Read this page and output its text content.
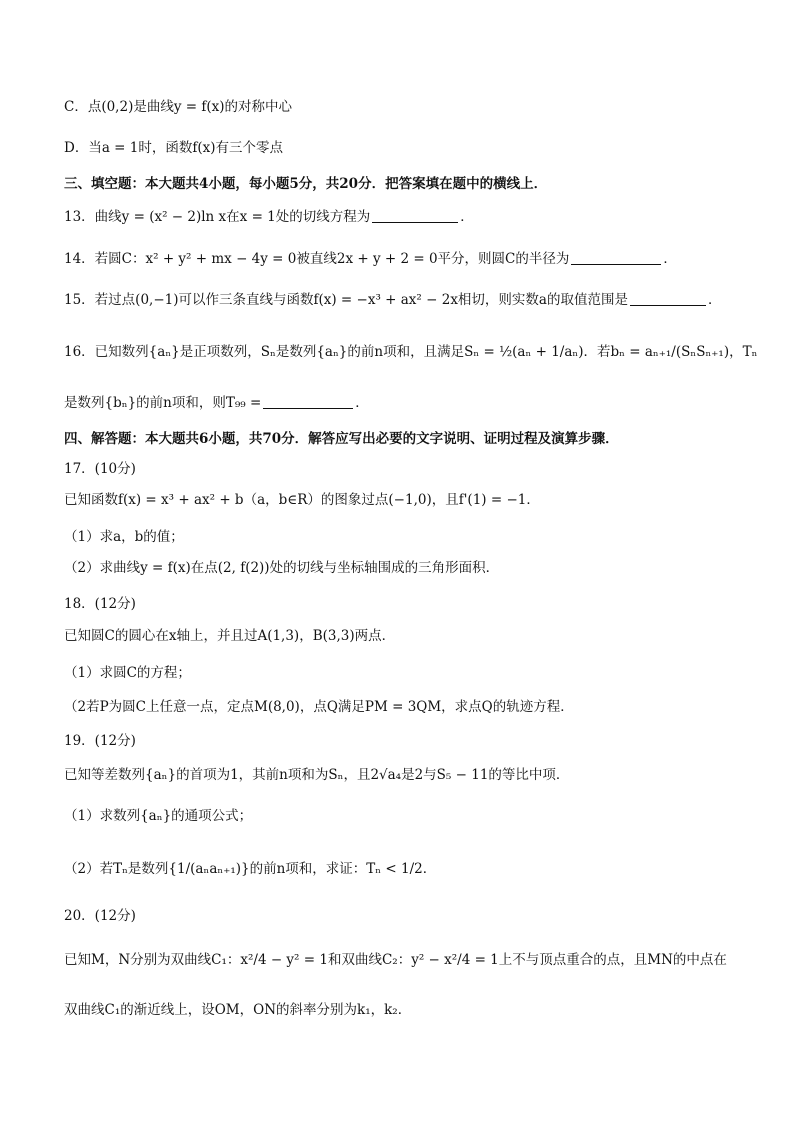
C．点(0,2)是曲线y = f(x)的对称中心
D．当a = 1时，函数f(x)有三个零点
三、填空题：本大题共4小题，每小题5分，共20分．把答案填在题中的横线上．
13．曲线y = (x² − 2)ln x在x = 1处的切线方程为	．
14．若圆C：x² + y² + mx − 4y = 0被直线2x + y + 2 = 0平分，则圆C的半径为	．
15．若过点(0,−1)可以作三条直线与函数f(x) = −x³ + ax² − 2x相切，则实数a的取值范围是	．
16．已知数列{aₙ}是正项数列，Sₙ是数列{aₙ}的前n项和，且满足Sₙ = ½(aₙ + 1/aₙ)．若bₙ = aₙ₊₁/(SₙSₙ₊₁)，Tₙ
是数列{bₙ}的前n项和，则T₉₉ =	．
四、解答题：本大题共6小题，共70分．解答应写出必要的文字说明、证明过程及演算步骤．
17．(10分)
已知函数f(x) = x³ + ax² + b（a，b∈R）的图象过点(−1,0)，且f'(1) = −1．
（1）求a，b的值；
（2）求曲线y = f(x)在点(2, f(2))处的切线与坐标轴围成的三角形面积．
18．(12分)
已知圆C的圆心在x轴上，并且过A(1,3)，B(3,3)两点．
（1）求圆C的方程；
（2若P为圆C上任意一点，定点M(8,0)，点Q满足PM = 3QM，求点Q的轨迹方程．
19．(12分)
已知等差数列{aₙ}的首项为1，其前n项和为Sₙ，且2√a₄是2与S₅ − 11的等比中项．
（1）求数列{aₙ}的通项公式；
（2）若Tₙ是数列{1/(aₙaₙ₊₁)}的前n项和，求证：Tₙ < 1/2．
20．(12分)
已知M，N分别为双曲线C₁：x²/4 − y² = 1和双曲线C₂：y² − x²/4 = 1上不与顶点重合的点，且MN的中点在
双曲线C₁的渐近线上，设OM，ON的斜率分别为k₁，k₂．
